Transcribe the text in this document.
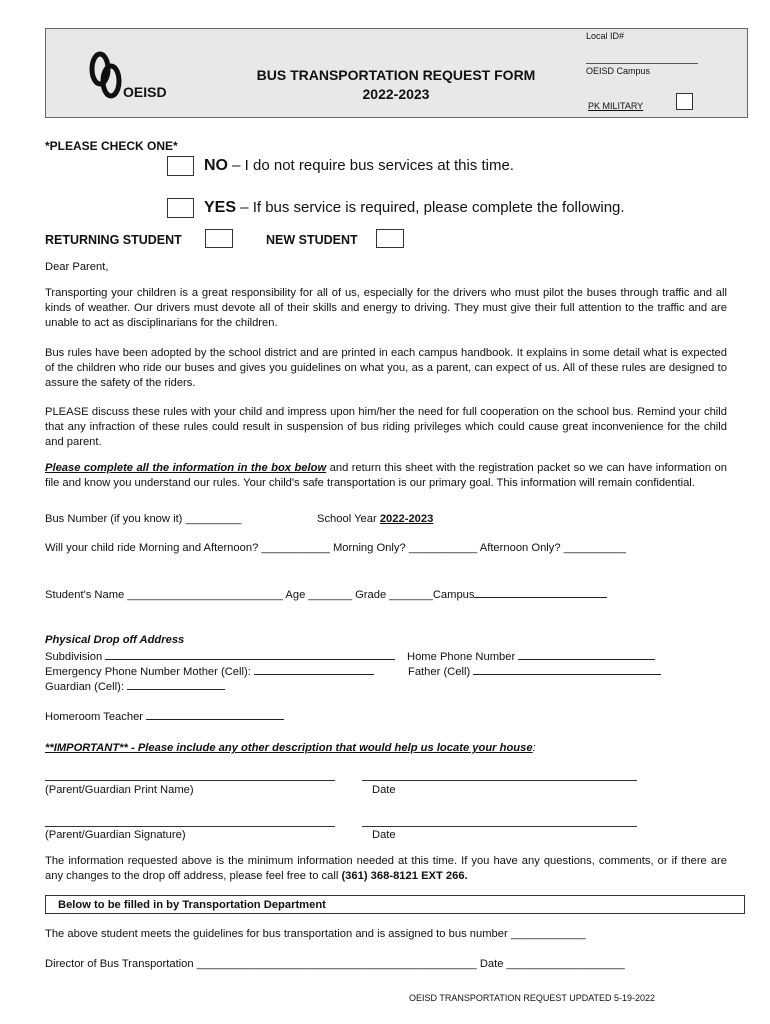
OEISD
BUS TRANSPORTATION REQUEST FORM
2022-2023
Local ID#
OEISD Campus
PK MILITARY
*PLEASE CHECK ONE*
NO – I do not require bus services at this time.
YES – If bus service is required, please complete the following.
RETURNING STUDENT	NEW STUDENT
Dear Parent,
Transporting your children is a great responsibility for all of us, especially for the drivers who must pilot the buses through traffic and all kinds of weather. Our drivers must devote all of their skills and energy to driving. They must give their full attention to the traffic and are unable to act as disciplinarians for the children.
Bus rules have been adopted by the school district and are printed in each campus handbook. It explains in some detail what is expected of the children who ride our buses and gives you guidelines on what you, as a parent, can expect of us. All of these rules are designed to assure the safety of the riders.
PLEASE discuss these rules with your child and impress upon him/her the need for full cooperation on the school bus. Remind your child that any infraction of these rules could result in suspension of bus riding privileges which could cause great inconvenience for the child and parent.
Please complete all the information in the box below and return this sheet with the registration packet so we can have information on file and know you understand our rules. Your child's safe transportation is our primary goal. This information will remain confidential.
Bus Number (if you know it) _________	School Year 2022-2023
Will your child ride Morning and Afternoon? ___________ Morning Only? ___________ Afternoon Only? __________
Student's Name _________________________ Age _______ Grade _______Campus
Physical Drop off Address
Subdivision	Home Phone Number
Emergency Phone Number Mother (Cell):	Father (Cell)
Guardian (Cell):
Homeroom Teacher
**IMPORTANT** - Please include any other description that would help us locate your house:
(Parent/Guardian Print Name)	Date
(Parent/Guardian Signature)	Date
The information requested above is the minimum information needed at this time. If you have any questions, comments, or if there are any changes to the drop off address, please feel free to call (361) 368-8121 EXT 266.
Below to be filled in by Transportation Department
The above student meets the guidelines for bus transportation and is assigned to bus number ____________
Director of Bus Transportation _____________________________________________ Date ___________________
OEISD TRANSPORTATION REQUEST UPDATED 5-19-2022
